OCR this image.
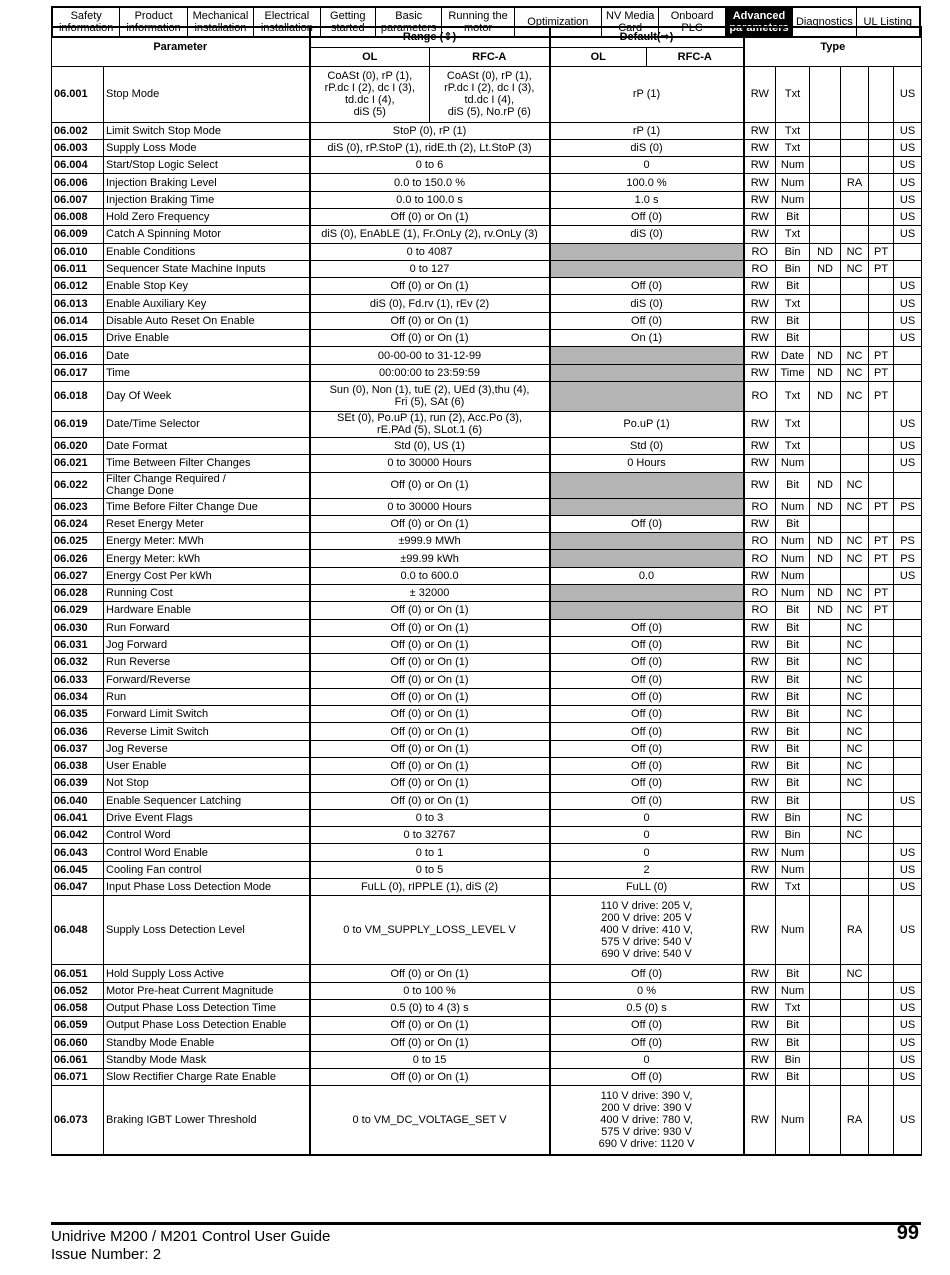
Safety
information
Product
information
Mechanical
installation
Electrical
installation
Getting
started
Basic
parameters
Running the
motor	Optimization	NV Media
Card
Onboard
PLC
Advanced
parameters Diagnostics UL Listing
Parameter		Range (⇕)		Default(⇨)		Type					
		OL	RFC-A	OL	RFC-A						
06.001	Stop Mode	CoASt (0), rP (1),
rP.dc I (2), dc I (3),
td.dc I (4),
diS (5)	CoASt (0), rP (1),
rP.dc I (2), dc I (3),
td.dc I (4),
diS (5), No.rP (6)	rP (1)		RW	Txt				US
06.002	Limit Switch Stop Mode	StoP (0), rP (1)		rP (1)		RW	Txt				US
06.003	Supply Loss Mode	diS (0), rP.StoP (1), ridE.th (2), Lt.StoP (3)		diS (0)		RW	Txt				US
06.004	Start/Stop Logic Select	0 to 6		0		RW	Num				US
06.006	Injection Braking Level	0.0 to 150.0 %		100.0 %		RW	Num		RA		US
06.007	Injection Braking Time	0.0 to 100.0 s		1.0 s		RW	Num				US
06.008	Hold Zero Frequency	Off (0) or On (1)		Off (0)		RW	Bit				US
06.009	Catch A Spinning Motor	diS (0), EnAbLE (1), Fr.OnLy (2), rv.OnLy (3)		diS (0)		RW	Txt				US
06.010	Enable Conditions	0 to 4087				RO	Bin	ND	NC	PT	
06.011	Sequencer State Machine Inputs	0 to 127				RO	Bin	ND	NC	PT	
06.012	Enable Stop Key	Off (0) or On (1)		Off (0)		RW	Bit				US
06.013	Enable Auxiliary Key	diS (0), Fd.rv (1), rEv (2)		diS (0)		RW	Txt				US
06.014	Disable Auto Reset On Enable	Off (0) or On (1)		Off (0)		RW	Bit				US
06.015	Drive Enable	Off (0) or On (1)		On (1)		RW	Bit				US
06.016	Date	00-00-00 to 31-12-99				RW	Date	ND	NC	PT	
06.017	Time	00:00:00 to 23:59:59				RW	Time	ND	NC	PT	
06.018	Day Of Week	Sun (0), Non (1), tuE (2), UEd (3),thu (4),
Fri (5), SAt (6)				RO	Txt	ND	NC	PT	
06.019	Date/Time Selector	SEt (0), Po.uP (1), run (2), Acc.Po (3),
rE.PAd (5), SLot.1 (6)		Po.uP (1)		RW	Txt				US
06.020	Date Format	Std (0), US (1)		Std (0)		RW	Txt				US
06.021	Time Between Filter Changes	0 to 30000 Hours		0 Hours		RW	Num				US
06.022	Filter Change Required /
Change Done	Off (0) or On (1)				RW	Bit	ND	NC		
06.023	Time Before Filter Change Due	0 to 30000 Hours				RO	Num	ND	NC	PT	PS
06.024	Reset Energy Meter	Off (0) or On (1)		Off (0)		RW	Bit				
06.025	Energy Meter: MWh	±999.9 MWh				RO	Num	ND	NC	PT	PS
06.026	Energy Meter: kWh	±99.99 kWh				RO	Num	ND	NC	PT	PS
06.027	Energy Cost Per kWh	0.0 to 600.0		0.0		RW	Num				US
06.028	Running Cost	± 32000				RO	Num	ND	NC	PT	
06.029	Hardware Enable	Off (0) or On (1)				RO	Bit	ND	NC	PT	
06.030	Run Forward	Off (0) or On (1)		Off (0)		RW	Bit		NC		
06.031	Jog Forward	Off (0) or On (1)		Off (0)		RW	Bit		NC		
06.032	Run Reverse	Off (0) or On (1)		Off (0)		RW	Bit		NC		
06.033	Forward/Reverse	Off (0) or On (1)		Off (0)		RW	Bit		NC		
06.034	Run	Off (0) or On (1)		Off (0)		RW	Bit		NC		
06.035	Forward Limit Switch	Off (0) or On (1)		Off (0)		RW	Bit		NC		
06.036	Reverse Limit Switch	Off (0) or On (1)		Off (0)		RW	Bit		NC		
06.037	Jog Reverse	Off (0) or On (1)		Off (0)		RW	Bit		NC		
06.038	User Enable	Off (0) or On (1)		Off (0)		RW	Bit		NC		
06.039	Not Stop	Off (0) or On (1)		Off (0)		RW	Bit		NC		
06.040	Enable Sequencer Latching	Off (0) or On (1)		Off (0)		RW	Bit				US
06.041	Drive Event Flags	0 to 3		0		RW	Bin		NC		
06.042	Control Word	0 to 32767		0		RW	Bin		NC		
06.043	Control Word Enable	0 to 1		0		RW	Num				US
06.045	Cooling Fan control	0 to 5		2		RW	Num				US
06.047	Input Phase Loss Detection Mode	FuLL (0), rIPPLE (1), diS (2)		FuLL (0)		RW	Txt				US
06.048	Supply Loss Detection Level	0 to VM_SUPPLY_LOSS_LEVEL V		110 V drive: 205 V,
200 V drive: 205 V
400 V drive: 410 V,
575 V drive: 540 V
690 V drive: 540 V		RW	Num		RA		US
06.051	Hold Supply Loss Active	Off (0) or On (1)		Off (0)		RW	Bit		NC		
06.052	Motor Pre-heat Current Magnitude	0 to 100 %		0 %		RW	Num				US
06.058	Output Phase Loss Detection Time	0.5 (0) to 4 (3) s		0.5 (0) s		RW	Txt				US
06.059	Output Phase Loss Detection Enable	Off (0) or On (1)		Off (0)		RW	Bit				US
06.060	Standby Mode Enable	Off (0) or On (1)		Off (0)		RW	Bit				US
06.061	Standby Mode Mask	0 to 15		0		RW	Bin				US
06.071	Slow Rectifier Charge Rate Enable	Off (0) or On (1)		Off (0)		RW	Bit				US
06.073	Braking IGBT Lower Threshold	0 to VM_DC_VOLTAGE_SET V		110 V drive: 390 V,
200 V drive: 390 V
400 V drive: 780 V,
575 V drive: 930 V
690 V drive: 1120 V		RW	Num		RA		US
Unidrive M200 / M201 Control User Guide
Issue Number: 2
99
